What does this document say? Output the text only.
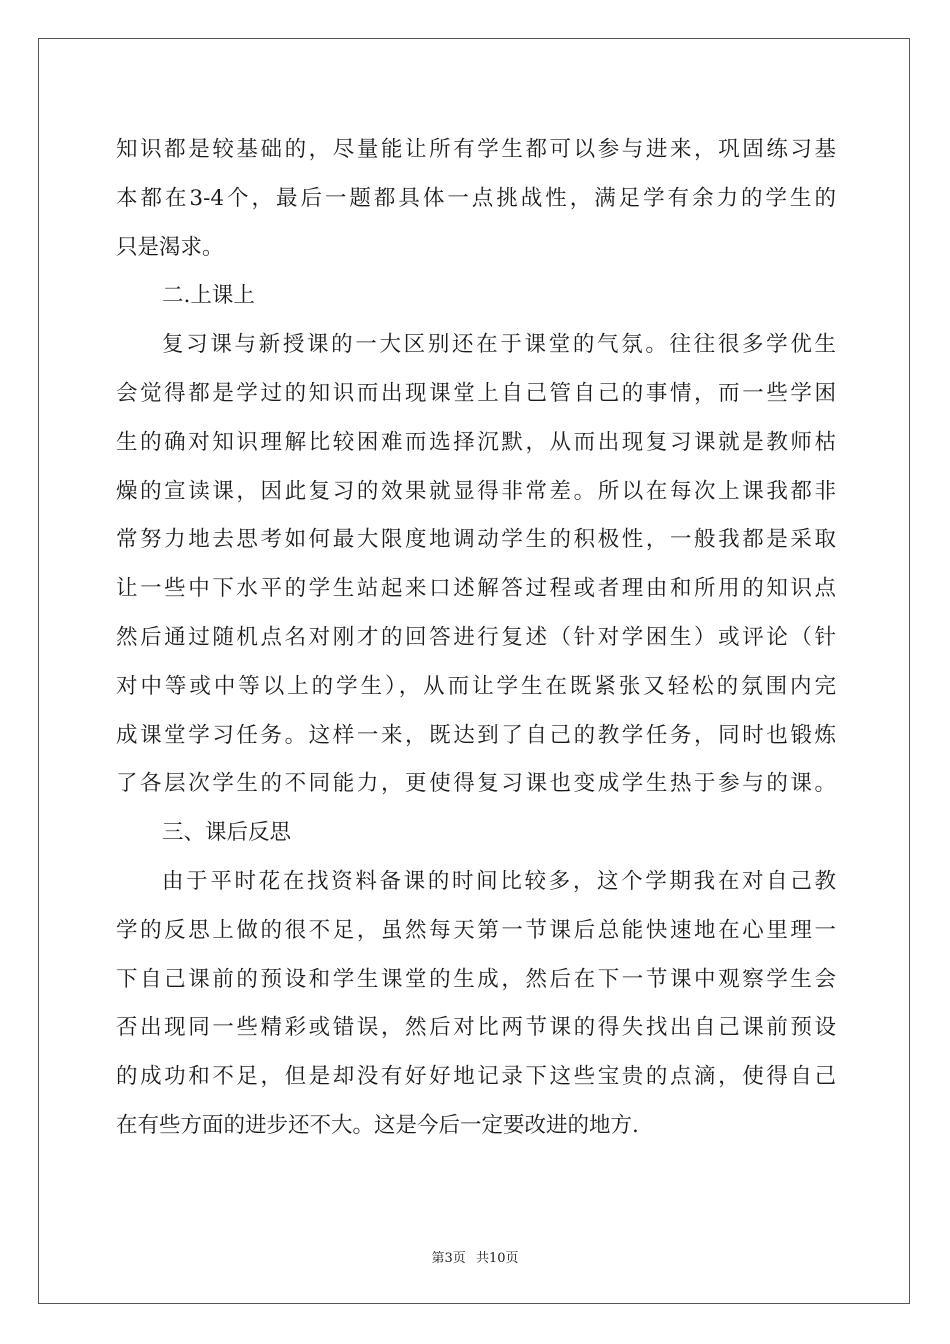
知识都是较基础的，尽量能让所有学生都可以参与进来，巩固练习基
本都在3-4个，最后一题都具体一点挑战性，满足学有余力的学生的
只是渴求。
二.上课上
复习课与新授课的一大区别还在于课堂的气氛。往往很多学优生
会觉得都是学过的知识而出现课堂上自己管自己的事情，而一些学困
生的确对知识理解比较困难而选择沉默，从而出现复习课就是教师枯
燥的宣读课，因此复习的效果就显得非常差。所以在每次上课我都非
常努力地去思考如何最大限度地调动学生的积极性，一般我都是采取
让一些中下水平的学生站起来口述解答过程或者理由和所用的知识点
然后通过随机点名对刚才的回答进行复述（针对学困生）或评论（针
对中等或中等以上的学生），从而让学生在既紧张又轻松的氛围内完
成课堂学习任务。这样一来，既达到了自己的教学任务，同时也锻炼
了各层次学生的不同能力，更使得复习课也变成学生热于参与的课。
三、课后反思
由于平时花在找资料备课的时间比较多，这个学期我在对自己教
学的反思上做的很不足，虽然每天第一节课后总能快速地在心里理一
下自己课前的预设和学生课堂的生成，然后在下一节课中观察学生会
否出现同一些精彩或错误，然后对比两节课的得失找出自己课前预设
的成功和不足，但是却没有好好地记录下这些宝贵的点滴，使得自己
在有些方面的进步还不大。这是今后一定要改进的地方.
第3页 共10页
